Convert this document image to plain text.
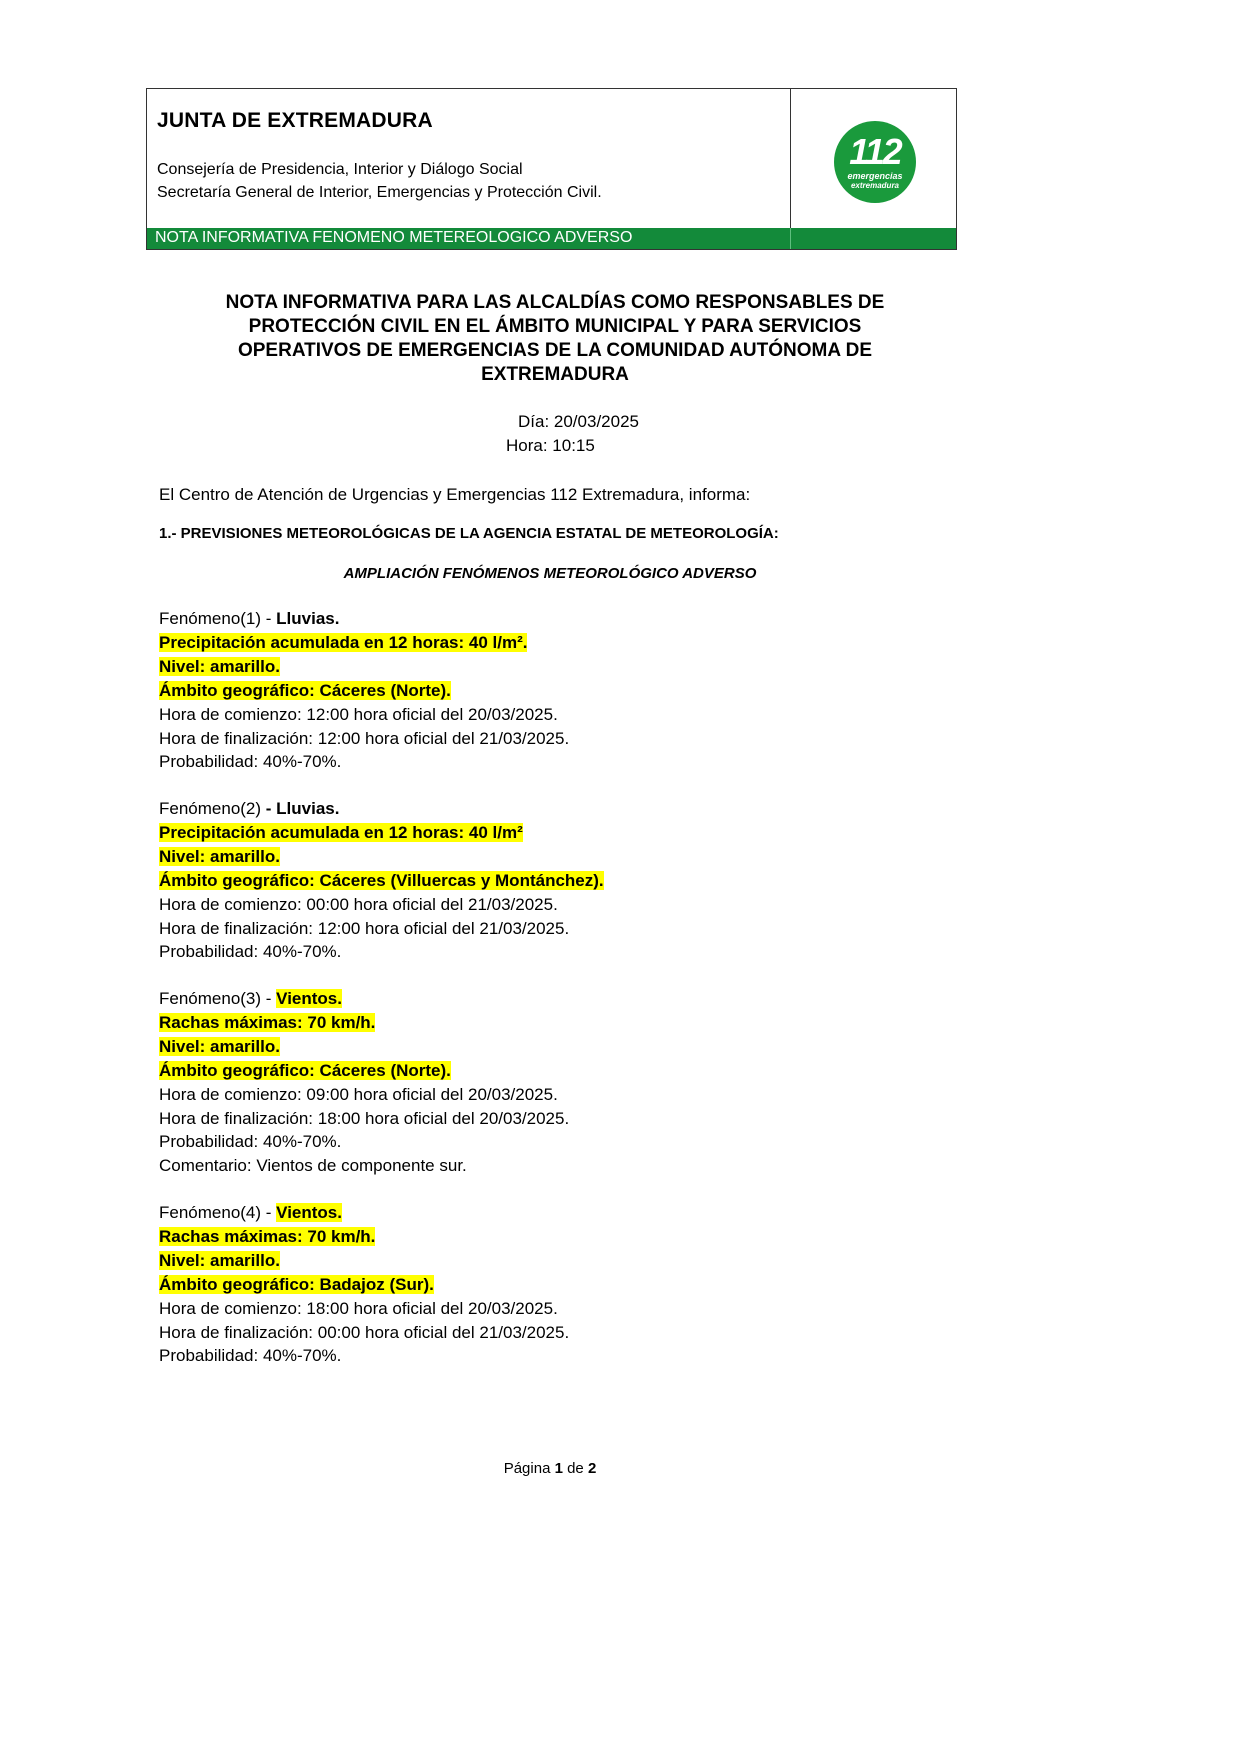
JUNTA DE EXTREMADURA
Consejería de Presidencia, Interior y Diálogo Social
Secretaría General de Interior, Emergencias y Protección Civil.
NOTA INFORMATIVA FENOMENO METEREOLOGICO ADVERSO
112
emergencias
extremadura
NOTA INFORMATIVA PARA LAS ALCALDÍAS COMO RESPONSABLES DE
PROTECCIÓN CIVIL EN EL ÁMBITO MUNICIPAL Y PARA SERVICIOS
OPERATIVOS DE EMERGENCIAS DE LA COMUNIDAD AUTÓNOMA DE
EXTREMADURA
Día: 20/03/2025
Hora: 10:15
El Centro de Atención de Urgencias y Emergencias 112 Extremadura, informa:
1.- PREVISIONES METEOROLÓGICAS DE LA AGENCIA ESTATAL DE METEOROLOGÍA:
AMPLIACIÓN FENÓMENOS METEOROLÓGICO ADVERSO
Fenómeno(1) - Lluvias.
Precipitación acumulada en 12 horas: 40 l/m².
Nivel: amarillo.
Ámbito geográfico: Cáceres (Norte).
Hora de comienzo: 12:00 hora oficial del 20/03/2025.
Hora de finalización: 12:00 hora oficial del 21/03/2025.
Probabilidad: 40%-70%.
Fenómeno(2) - Lluvias.
Precipitación acumulada en 12 horas: 40 l/m²
Nivel: amarillo.
Ámbito geográfico: Cáceres (Villuercas y Montánchez).
Hora de comienzo: 00:00 hora oficial del 21/03/2025.
Hora de finalización: 12:00 hora oficial del 21/03/2025.
Probabilidad: 40%-70%.
Fenómeno(3) - Vientos.
Rachas máximas: 70 km/h.
Nivel: amarillo.
Ámbito geográfico: Cáceres (Norte).
Hora de comienzo: 09:00 hora oficial del 20/03/2025.
Hora de finalización: 18:00 hora oficial del 20/03/2025.
Probabilidad: 40%-70%.
Comentario: Vientos de componente sur.
Fenómeno(4) - Vientos.
Rachas máximas: 70 km/h.
Nivel: amarillo.
Ámbito geográfico: Badajoz (Sur).
Hora de comienzo: 18:00 hora oficial del 20/03/2025.
Hora de finalización: 00:00 hora oficial del 21/03/2025.
Probabilidad: 40%-70%.
Página 1 de 2
